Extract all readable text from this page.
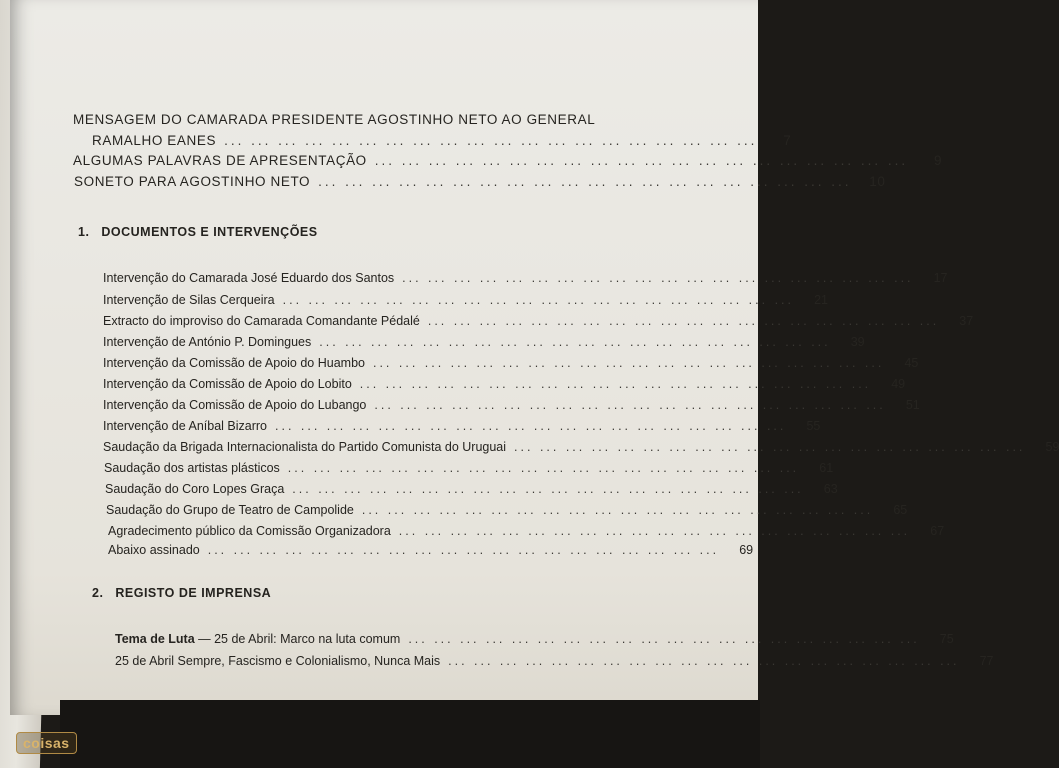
MENSAGEM DO CAMARADA PRESIDENTE AGOSTINHO NETO AO GENERAL
RAMALHO EANES ... ... ... ... ... ... ... ... ... ... ... ... ... ... ... ... ... ... ... ...	7
ALGUMAS PALAVRAS DE APRESENTAÇÃO ... ... ... ... ... ... ... ... ... ... ... ... ... ... ... ... ... ... ... ...	9
SONETO PARA AGOSTINHO NETO ... ... ... ... ... ... ... ... ... ... ... ... ... ... ... ... ... ... ... ...	10
1. DOCUMENTOS E INTERVENÇÕES
Intervenção do Camarada José Eduardo dos Santos ... ... ... ... ... ... ... ... ... ... ... ... ... ... ... ... ... ... ... ...	17
Intervenção de Silas Cerqueira ... ... ... ... ... ... ... ... ... ... ... ... ... ... ... ... ... ... ... ...	21
Extracto do improviso do Camarada Comandante Pédalé ... ... ... ... ... ... ... ... ... ... ... ... ... ... ... ... ... ... ... ...	37
Intervenção de António P. Domingues ... ... ... ... ... ... ... ... ... ... ... ... ... ... ... ... ... ... ... ...	39
Intervenção da Comissão de Apoio do Huambo ... ... ... ... ... ... ... ... ... ... ... ... ... ... ... ... ... ... ... ...	45
Intervenção da Comissão de Apoio do Lobito ... ... ... ... ... ... ... ... ... ... ... ... ... ... ... ... ... ... ... ...	49
Intervenção da Comissão de Apoio do Lubango ... ... ... ... ... ... ... ... ... ... ... ... ... ... ... ... ... ... ... ...	51
Intervenção de Aníbal Bizarro ... ... ... ... ... ... ... ... ... ... ... ... ... ... ... ... ... ... ... ...	55
Saudação da Brigada Internacionalista do Partido Comunista do Uruguai ... ... ... ... ... ... ... ... ... ... ... ... ... ... ... ... ... ... ... ...	59
Saudação dos artistas plásticos ... ... ... ... ... ... ... ... ... ... ... ... ... ... ... ... ... ... ... ...	61
Saudação do Coro Lopes Graça ... ... ... ... ... ... ... ... ... ... ... ... ... ... ... ... ... ... ... ...	63
Saudação do Grupo de Teatro de Campolide ... ... ... ... ... ... ... ... ... ... ... ... ... ... ... ... ... ... ... ...	65
Agradecimento público da Comissão Organizadora ... ... ... ... ... ... ... ... ... ... ... ... ... ... ... ... ... ... ... ...	67
Abaixo assinado ... ... ... ... ... ... ... ... ... ... ... ... ... ... ... ... ... ... ... ...	69
2. REGISTO DE IMPRENSA
Tema de Luta — 25 de Abril: Marco na luta comum ... ... ... ... ... ... ... ... ... ... ... ... ... ... ... ... ... ... ... ...	75
25 de Abril Sempre, Fascismo e Colonialismo, Nunca Mais ... ... ... ... ... ... ... ... ... ... ... ... ... ... ... ... ... ... ... ...	77
coisas
